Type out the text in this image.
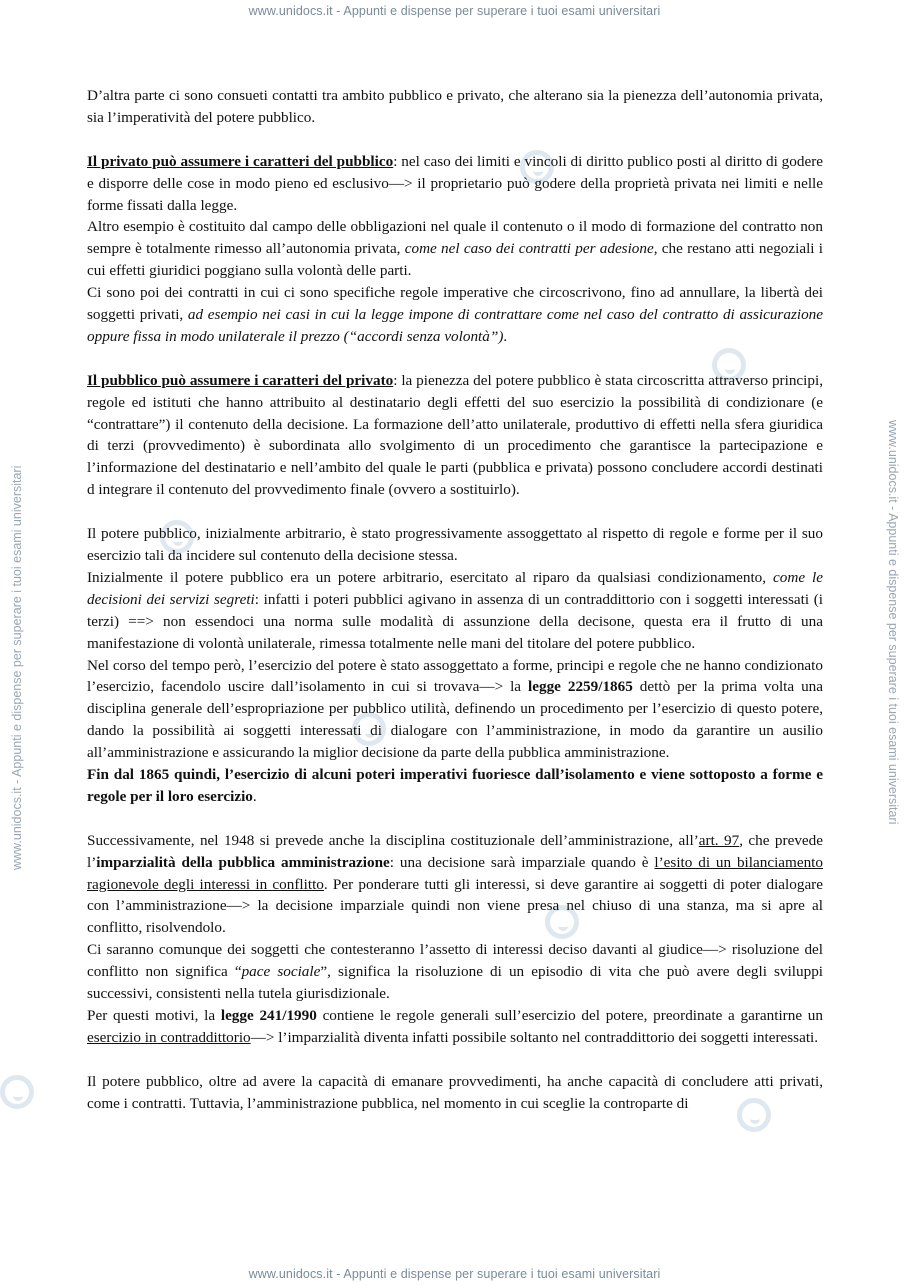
www.unidocs.it - Appunti e dispense per superare i tuoi esami universitari
www.unidocs.it - Appunti e dispense per superare i tuoi esami universitari	www.unidocs.it - Appunti e dispense per superare i tuoi esami universitari

D’altra parte ci sono consueti contatti tra ambito pubblico e privato, che alterano sia la pienezza dell’autonomia privata, sia l’imperatività del potere pubblico.

Il privato può assumere i caratteri del pubblico: nel caso dei limiti e vincoli di diritto publico posti al diritto di godere e disporre delle cose in modo pieno ed esclusivo—> il proprietario può godere della proprietà privata nei limiti e nelle forme fissati dalla legge.

Altro esempio è costituito dal campo delle obbligazioni nel quale il contenuto o il modo di formazione del contratto non sempre è totalmente rimesso all’autonomia privata, come nel caso dei contratti per adesione, che restano atti negoziali i cui effetti giuridici poggiano sulla volontà delle parti.

Ci sono poi dei contratti in cui ci sono specifiche regole imperative che circoscrivono, fino ad annullare, la libertà dei soggetti privati, ad esempio nei casi in cui la legge impone di contrattare come nel caso del contratto di assicurazione oppure fissa in modo unilaterale il prezzo (“accordi senza volontà”).

Il pubblico può assumere i caratteri del privato: la pienezza del potere pubblico è stata circoscritta attraverso principi, regole ed istituti che hanno attribuito al destinatario degli effetti del suo esercizio la possibilità di condizionare (e “contrattare”) il contenuto della decisione. La formazione dell’atto unilaterale, produttivo di effetti nella sfera giuridica di terzi (provvedimento) è subordinata allo svolgimento di un procedimento che garantisce la partecipazione e l’informazione del destinatario e nell’ambito del quale le parti (pubblica e privata) possono concludere accordi destinati d integrare il contenuto del provvedimento finale (ovvero a sostituirlo).

Il potere pubblico, inizialmente arbitrario, è stato progressivamente assoggettato al rispetto di regole e forme per il suo esercizio tali da incidere sul contenuto della decisione stessa.

Inizialmente il potere pubblico era un potere arbitrario, esercitato al riparo da qualsiasi condizionamento, come le decisioni dei servizi segreti: infatti i poteri pubblici agivano in assenza di un contraddittorio con i soggetti interessati (i terzi) ==> non essendoci una norma sulle modalità di assunzione della decisone, questa era il frutto di una manifestazione di volontà unilaterale, rimessa totalmente nelle mani del titolare del potere pubblico.

Nel corso del tempo però, l’esercizio del potere è stato assoggettato a forme, principi e regole che ne hanno condizionato l’esercizio, facendolo uscire dall’isolamento in cui si trovava—> la legge 2259/1865 dettò per la prima volta una disciplina generale dell’espropriazione per pubblico utilità, definendo un procedimento per l’esercizio di questo potere, dando la possibilità ai soggetti interessati di dialogare con l’amministrazione, in modo da garantire un ausilio all’amministrazione e assicurando la miglior decisione da parte della pubblica amministrazione.

Fin dal 1865 quindi, l’esercizio di alcuni poteri imperativi fuoriesce dall’isolamento e viene sottoposto a forme e regole per il loro esercizio.

Successivamente, nel 1948 si prevede anche la disciplina costituzionale dell’amministrazione, all’art. 97, che prevede l’imparzialità della pubblica amministrazione: una decisione sarà imparziale quando è l’esito di un bilanciamento ragionevole degli interessi in conflitto. Per ponderare tutti gli interessi, si deve garantire ai soggetti di poter dialogare con l’amministrazione—> la decisione imparziale quindi non viene presa nel chiuso di una stanza, ma si apre al conflitto, risolvendolo.

Ci saranno comunque dei soggetti che contesteranno l’assetto di interessi deciso davanti al giudice—> risoluzione del conflitto non significa “pace sociale”, significa la risoluzione di un episodio di vita che può avere degli sviluppi successivi, consistenti nella tutela giurisdizionale.

Per questi motivi, la legge 241/1990 contiene le regole generali sull’esercizio del potere, preordinate a garantirne un esercizio in contraddittorio—> l’imparzialità diventa infatti possibile soltanto nel contraddittorio dei soggetti interessati.

Il potere pubblico, oltre ad avere la capacità di emanare provvedimenti, ha anche capacità di concludere atti privati, come i contratti. Tuttavia, l’amministrazione pubblica, nel momento in cui sceglie la controparte di

www.unidocs.it - Appunti e dispense per superare i tuoi esami universitari
